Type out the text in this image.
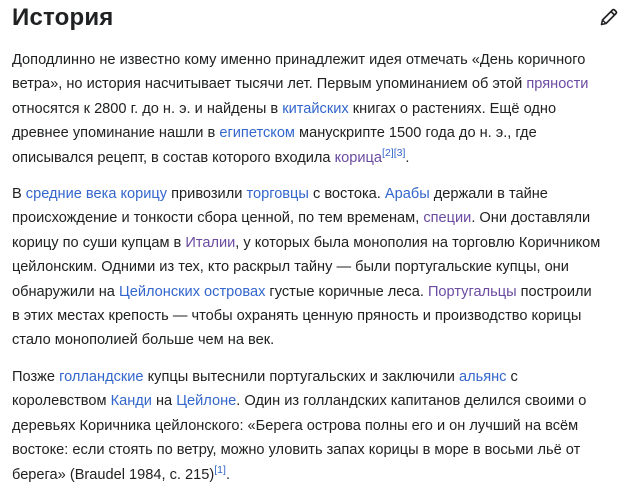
История

Доподлинно не известно кому именно принадлежит идея отмечать «День коричного
ветра», но история насчитывает тысячи лет. Первым упоминанием об этой пряности
относятся к 2800 г. до н. э. и найдены в китайских книгах о растениях. Ещё одно
древнее упоминание нашли в египетском манускрипте 1500 года до н. э., где
описывался рецепт, в состав которого входила корица[2][3].

В средние века корицу привозили торговцы с востока. Арабы держали в тайне
происхождение и тонкости сбора ценной, по тем временам, специи. Они доставляли
корицу по суши купцам в Италии, у которых была монополия на торговлю Коричником
цейлонским. Одними из тех, кто раскрыл тайну — были португальские купцы, они
обнаружили на Цейлонских островах густые коричные леса. Португальцы построили
в этих местах крепость — чтобы охранять ценную пряность и производство корицы
стало монополией больше чем на век.

Позже голландские купцы вытеснили португальских и заключили альянс с
королевством Канди на Цейлоне. Один из голландских капитанов делился своими о
деревьях Коричника цейлонского: «Берега острова полны его и он лучший на всём
востоке: если стоять по ветру, можно уловить запах корицы в море в восьми льё от
берега» (Braudel 1984, с. 215)[1].
